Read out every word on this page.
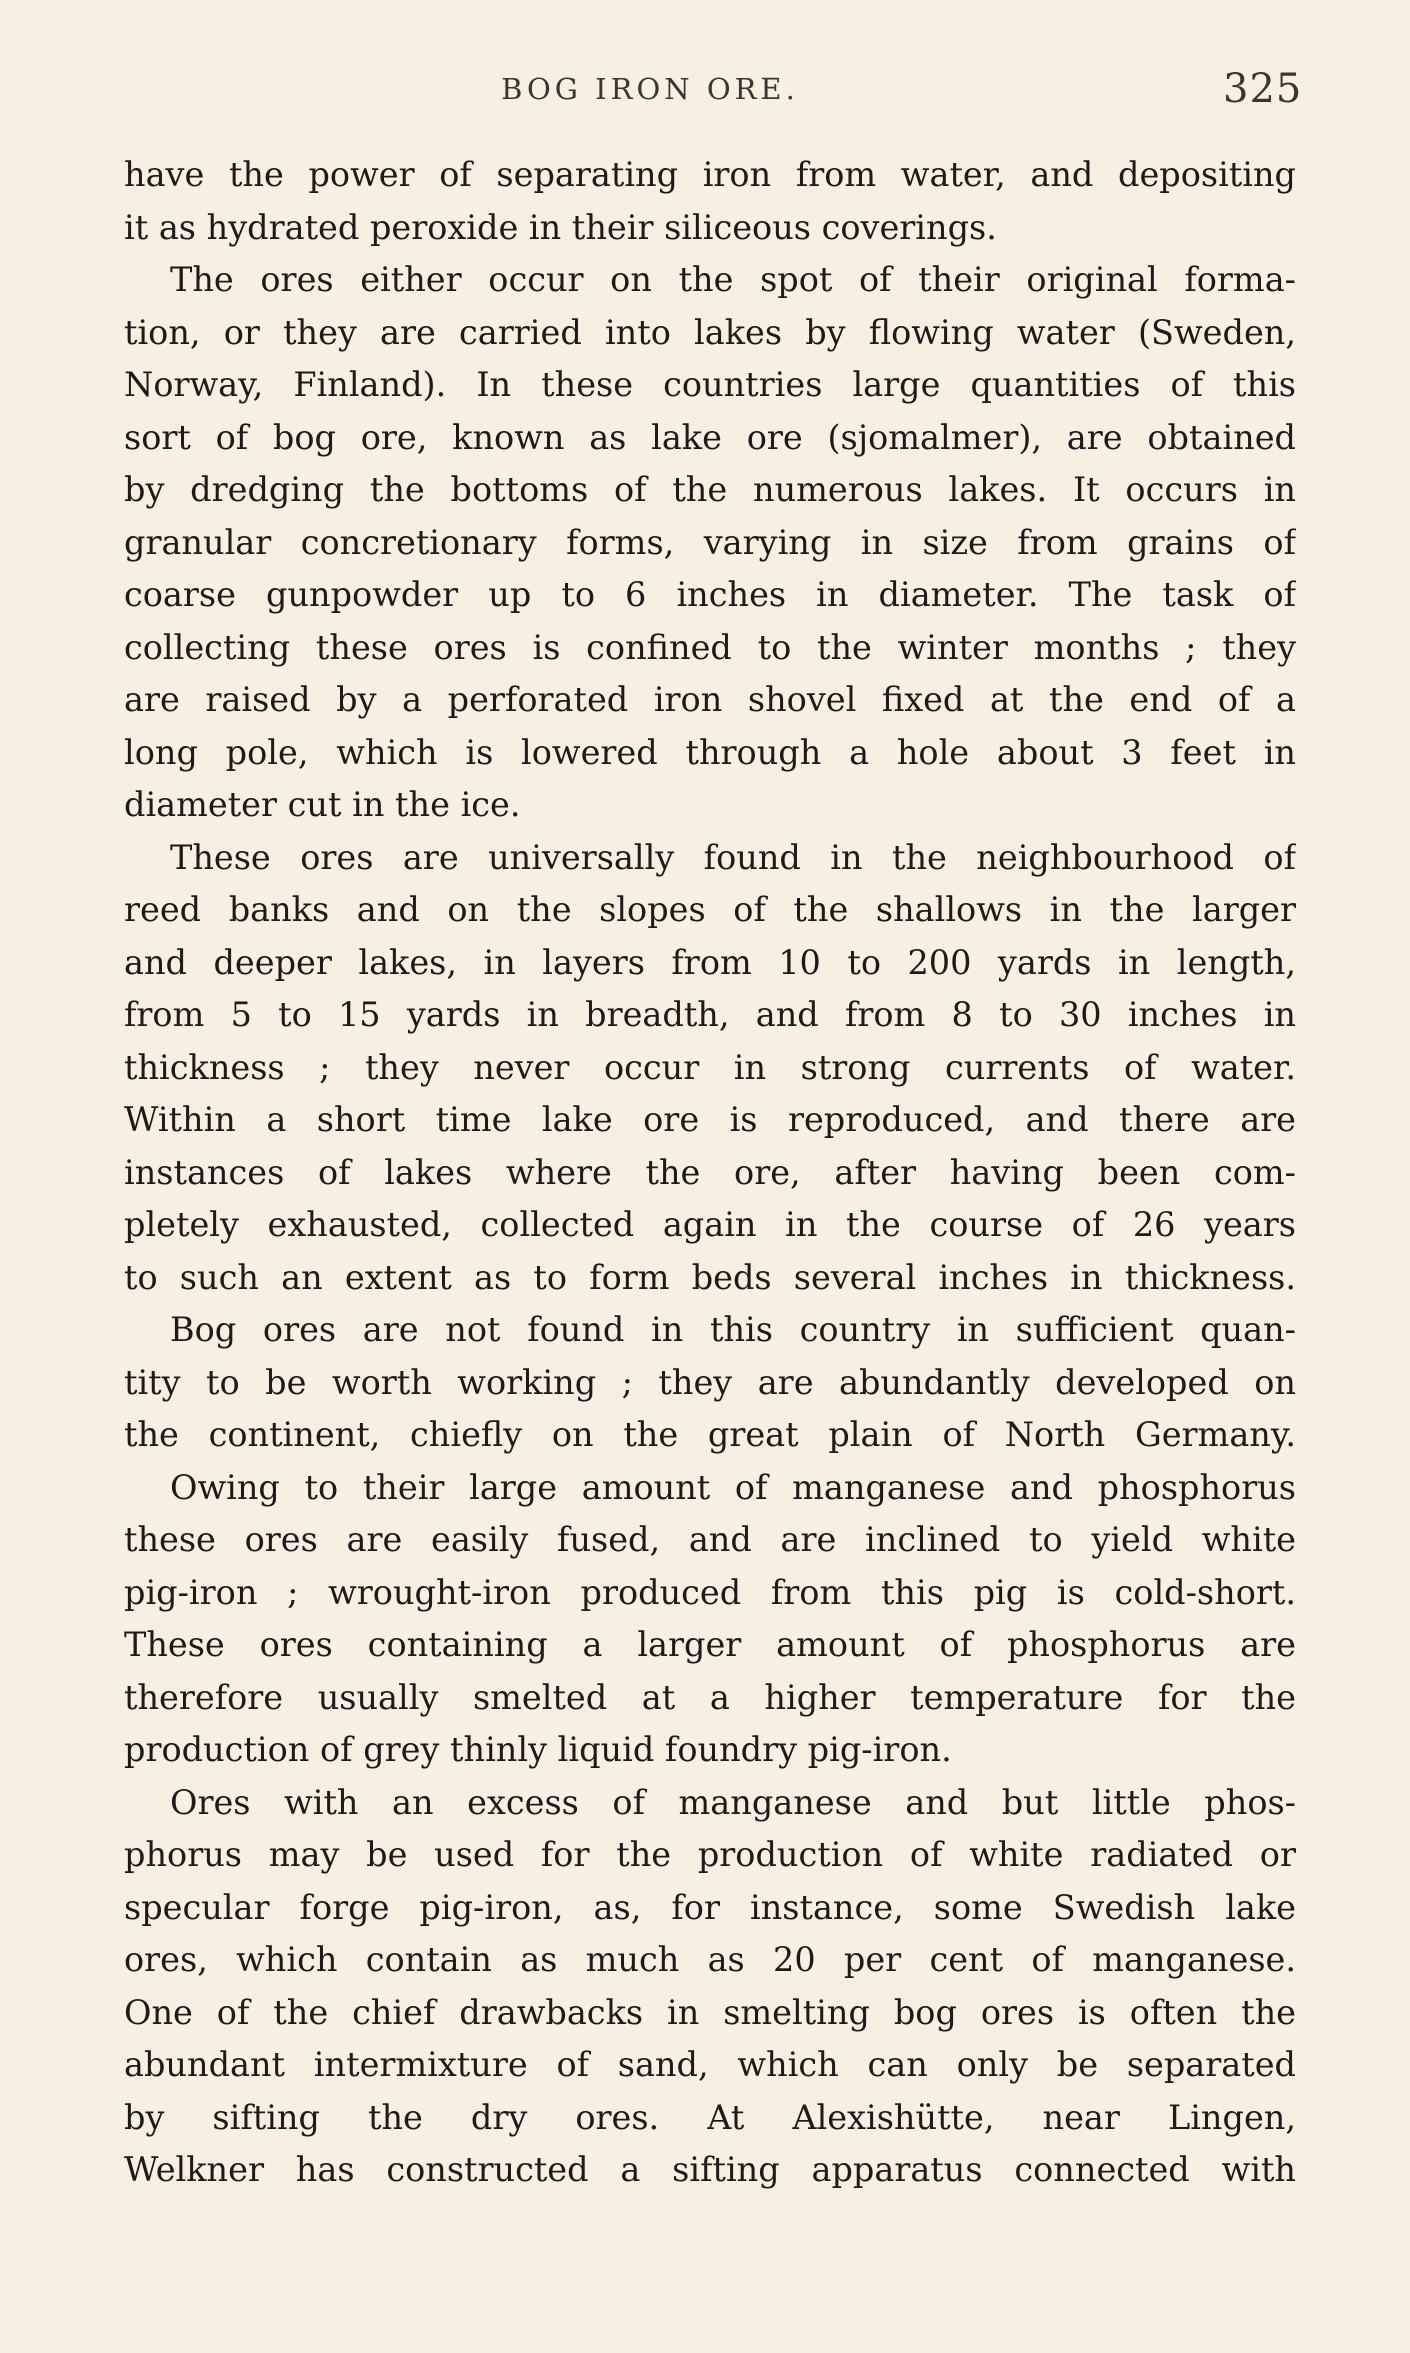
BOG IRON ORE.	325
have the power of separating iron from water, and depositing
it as hydrated peroxide in their siliceous coverings.
The ores either occur on the spot of their original forma-
tion, or they are carried into lakes by flowing water (Sweden,
Norway, Finland). In these countries large quantities of this
sort of bog ore, known as lake ore (sjomalmer), are obtained
by dredging the bottoms of the numerous lakes. It occurs in
granular concretionary forms, varying in size from grains of
coarse gunpowder up to 6 inches in diameter. The task of
collecting these ores is confined to the winter months ; they
are raised by a perforated iron shovel fixed at the end of a
long pole, which is lowered through a hole about 3 feet in
diameter cut in the ice.
These ores are universally found in the neighbourhood of
reed banks and on the slopes of the shallows in the larger
and deeper lakes, in layers from 10 to 200 yards in length,
from 5 to 15 yards in breadth, and from 8 to 30 inches in
thickness ; they never occur in strong currents of water.
Within a short time lake ore is reproduced, and there are
instances of lakes where the ore, after having been com-
pletely exhausted, collected again in the course of 26 years
to such an extent as to form beds several inches in thickness.
Bog ores are not found in this country in sufficient quan-
tity to be worth working ; they are abundantly developed on
the continent, chiefly on the great plain of North Germany.
Owing to their large amount of manganese and phosphorus
these ores are easily fused, and are inclined to yield white
pig-iron ; wrought-iron produced from this pig is cold-short.
These ores containing a larger amount of phosphorus are
therefore usually smelted at a higher temperature for the
production of grey thinly liquid foundry pig-iron.
Ores with an excess of manganese and but little phos-
phorus may be used for the production of white radiated or
specular forge pig-iron, as, for instance, some Swedish lake
ores, which contain as much as 20 per cent of manganese.
One of the chief drawbacks in smelting bog ores is often the
abundant intermixture of sand, which can only be separated
by sifting the dry ores. At Alexishütte, near Lingen,
Welkner has constructed a sifting apparatus connected with
